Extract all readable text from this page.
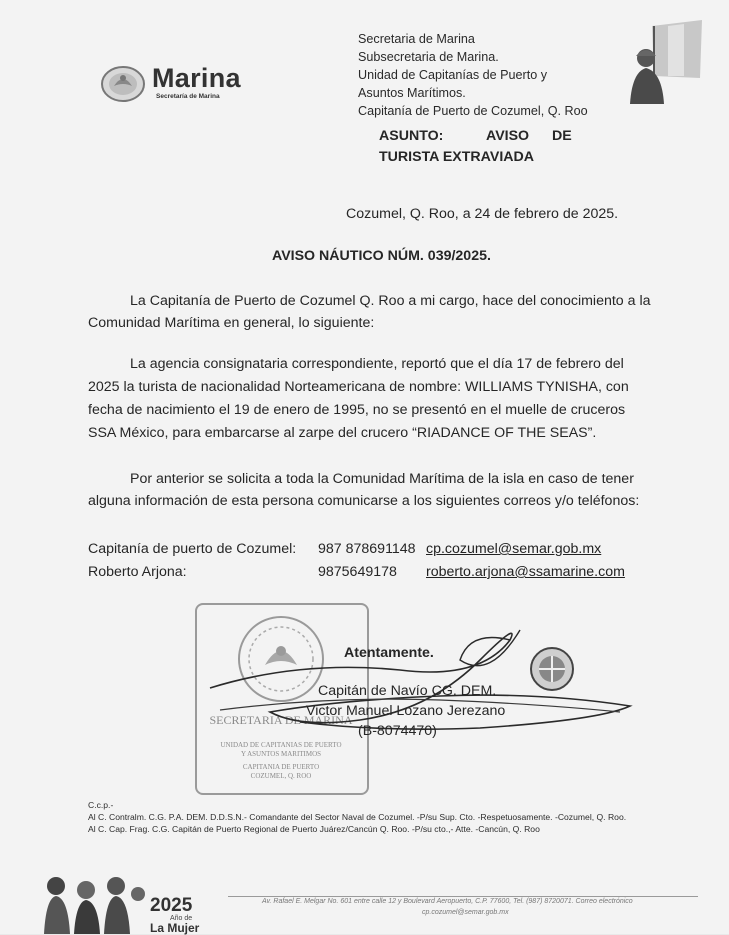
Marina
Secretaría de Marina
Secretaria de Marina
Subsecretaria de Marina.
Unidad de Capitanías de Puerto y
Asuntos Marítimos.
Capitanía de Puerto de Cozumel, Q. Roo
ASUNTO:	AVISO DE
TURISTA EXTRAVIADA
Cozumel, Q. Roo, a 24 de febrero de 2025.
AVISO NÁUTICO NÚM. 039/2025.
La Capitanía de Puerto de Cozumel Q. Roo a mi cargo, hace del conocimiento a la
Comunidad Marítima en general, lo siguiente:
La agencia consignataria correspondiente, reportó que el día 17 de febrero del
2025 la turista de nacionalidad Norteamericana de nombre: WILLIAMS TYNISHA, con
fecha de nacimiento el 19 de enero de 1995, no se presentó en el muelle de cruceros
SSA México, para embarcarse al zarpe del crucero “RIADANCE OF THE SEAS”.
Por anterior se solicita a toda la Comunidad Marítima de la isla en caso de tener
alguna información de esta persona comunicarse a los siguientes correos y/o teléfonos:
Capitanía de puerto de Cozumel: 987 878691148 cp.cozumel@semar.gob.mx
Roberto Arjona:	9875649178 roberto.arjona@ssamarine.com
SECRETARIA DE MARINA
UNIDAD DE CAPITANIAS DE PUERTO
Y ASUNTOS MARITIMOS
CAPITANIA DE PUERTO
COZUMEL, Q. ROO
Atentamente.
Capitán de Navío CG. DEM.
Victor Manuel Lozano Jerezano
(B-8074470)
C.c.p.-
Al C. Contralm. C.G. P.A. DEM. D.D.S.N.- Comandante del Sector Naval de Cozumel. -P/su Sup. Cto. -Respetuosamente. -Cozumel, Q. Roo.
Al C. Cap. Frag. C.G. Capitán de Puerto Regional de Puerto Juárez/Cancún Q. Roo. -P/su cto.,- Atte. -Cancún, Q. Roo
2025
Año de
La Mujer
Av. Rafael E. Melgar No. 601 entre calle 12 y Boulevard Aeropuerto, C.P. 77600, Tel. (987) 8720071. Correo electrónico
cp.cozumel@semar.gob.mx
